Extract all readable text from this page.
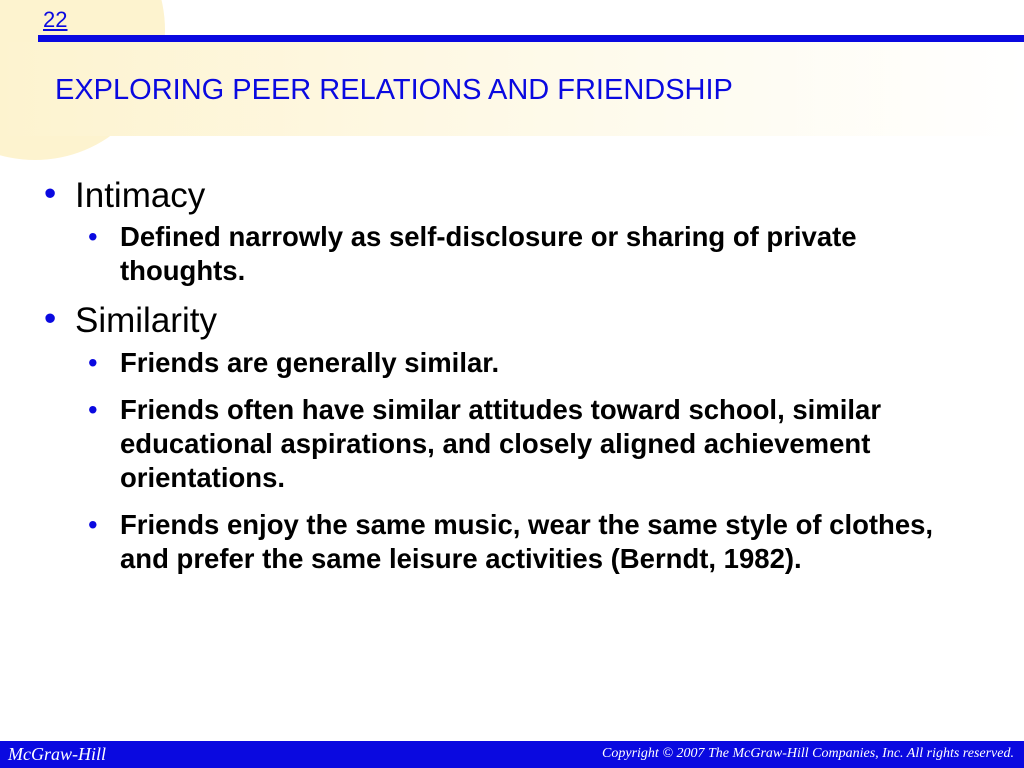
22
EXPLORING PEER RELATIONS AND FRIENDSHIP
• Intimacy
• Defined narrowly as self-disclosure or sharing of private thoughts.
• Similarity
• Friends are generally similar.
• Friends often have similar attitudes toward school, similar educational aspirations, and closely aligned achievement orientations.
• Friends enjoy the same music, wear the same style of clothes, and prefer the same leisure activities (Berndt, 1982).
McGraw-Hill	Copyright © 2007 The McGraw-Hill Companies, Inc. All rights reserved.
